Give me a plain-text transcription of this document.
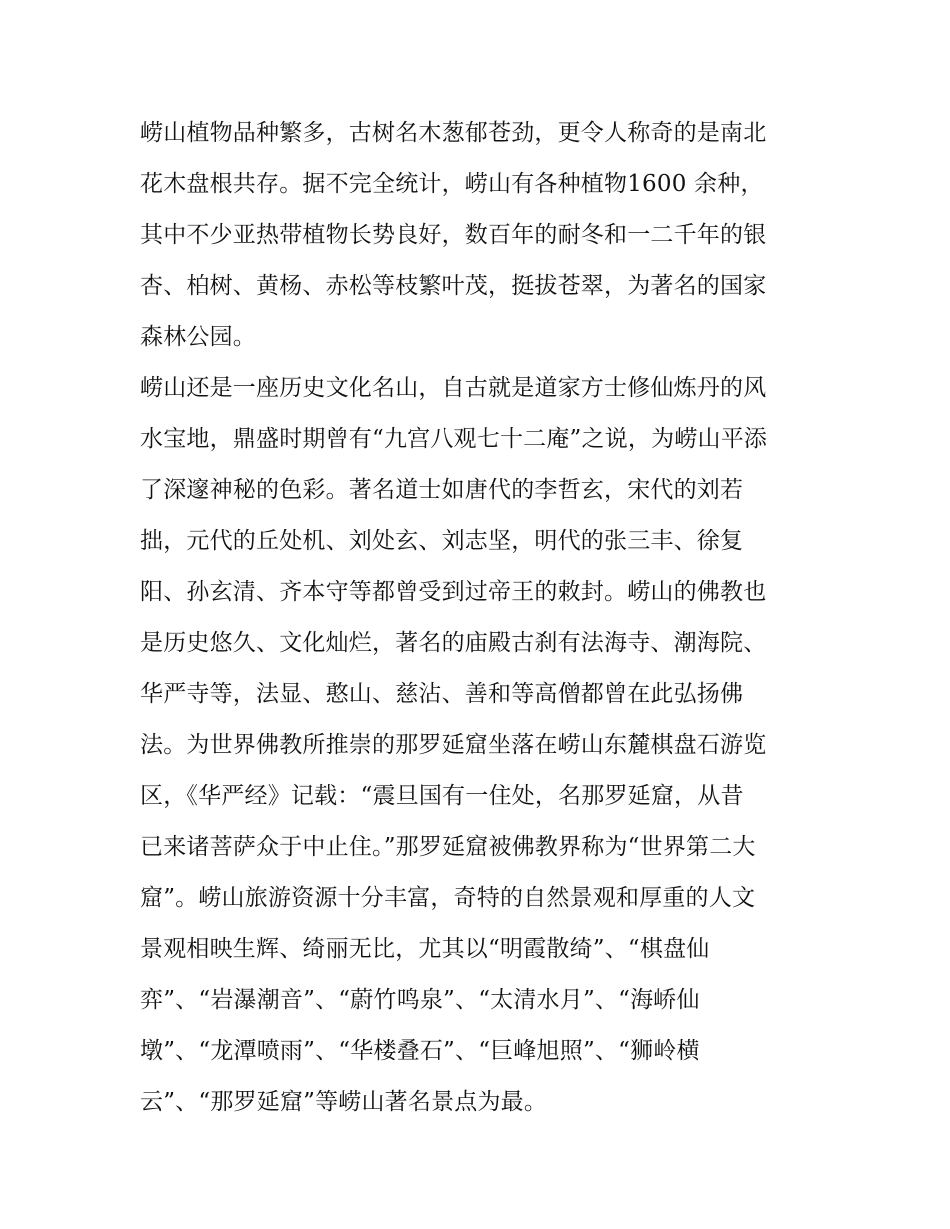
崂山植物品种繁多，古树名木葱郁苍劲，更令人称奇的是南北
花木盘根共存。据不完全统计，崂山有各种植物1600 余种，
其中不少亚热带植物长势良好，数百年的耐冬和一二千年的银
杏、柏树、黄杨、赤松等枝繁叶茂，挺拔苍翠，为著名的国家
森林公园。
崂山还是一座历史文化名山，自古就是道家方士修仙炼丹的风
水宝地，鼎盛时期曾有“九宫八观七十二庵”之说，为崂山平添
了深邃神秘的色彩。著名道士如唐代的李哲玄，宋代的刘若
拙，元代的丘处机、刘处玄、刘志坚，明代的张三丰、徐复
阳、孙玄清、齐本守等都曾受到过帝王的敕封。崂山的佛教也
是历史悠久、文化灿烂，著名的庙殿古刹有法海寺、潮海院、
华严寺等，法显、憨山、慈沾、善和等高僧都曾在此弘扬佛
法。为世界佛教所推崇的那罗延窟坐落在崂山东麓棋盘石游览
区，《华严经》记载：“震旦国有一住处，名那罗延窟，从昔
已来诸菩萨众于中止住。”那罗延窟被佛教界称为“世界第二大
窟”。崂山旅游资源十分丰富，奇特的自然景观和厚重的人文
景观相映生辉、绮丽无比，尤其以“明霞散绮”、“棋盘仙
弈”、“岩瀑潮音”、“蔚竹鸣泉”、“太清水月”、“海峤仙
墩”、“龙潭喷雨”、“华楼叠石”、“巨峰旭照”、“狮岭横
云”、“那罗延窟”等崂山著名景点为最。
